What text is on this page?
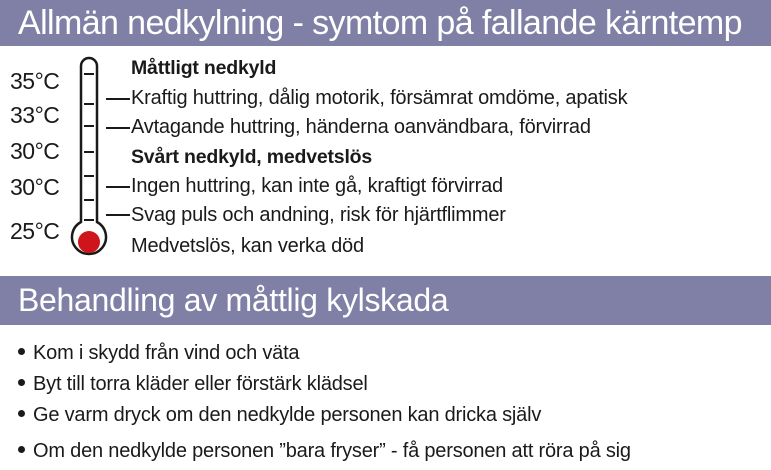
Allmän nedkylning - symtom på fallande kärntemp
35°C
33°C
30°C
30°C
25°C
Måttligt nedkyld
Kraftig huttring, dålig motorik, försämrat omdöme, apatisk
Avtagande huttring, händerna oanvändbara, förvirrad
Svårt nedkyld, medvetslös
Ingen huttring, kan inte gå, kraftigt förvirrad
Svag puls och andning, risk för hjärtflimmer
Medvetslös, kan verka död
Behandling av måttlig kylskada
Kom i skydd från vind och väta
Byt till torra kläder eller förstärk klädsel
Ge varm dryck om den nedkylde personen kan dricka själv
Om den nedkylde personen ”bara fryser” - få personen att röra på sig
